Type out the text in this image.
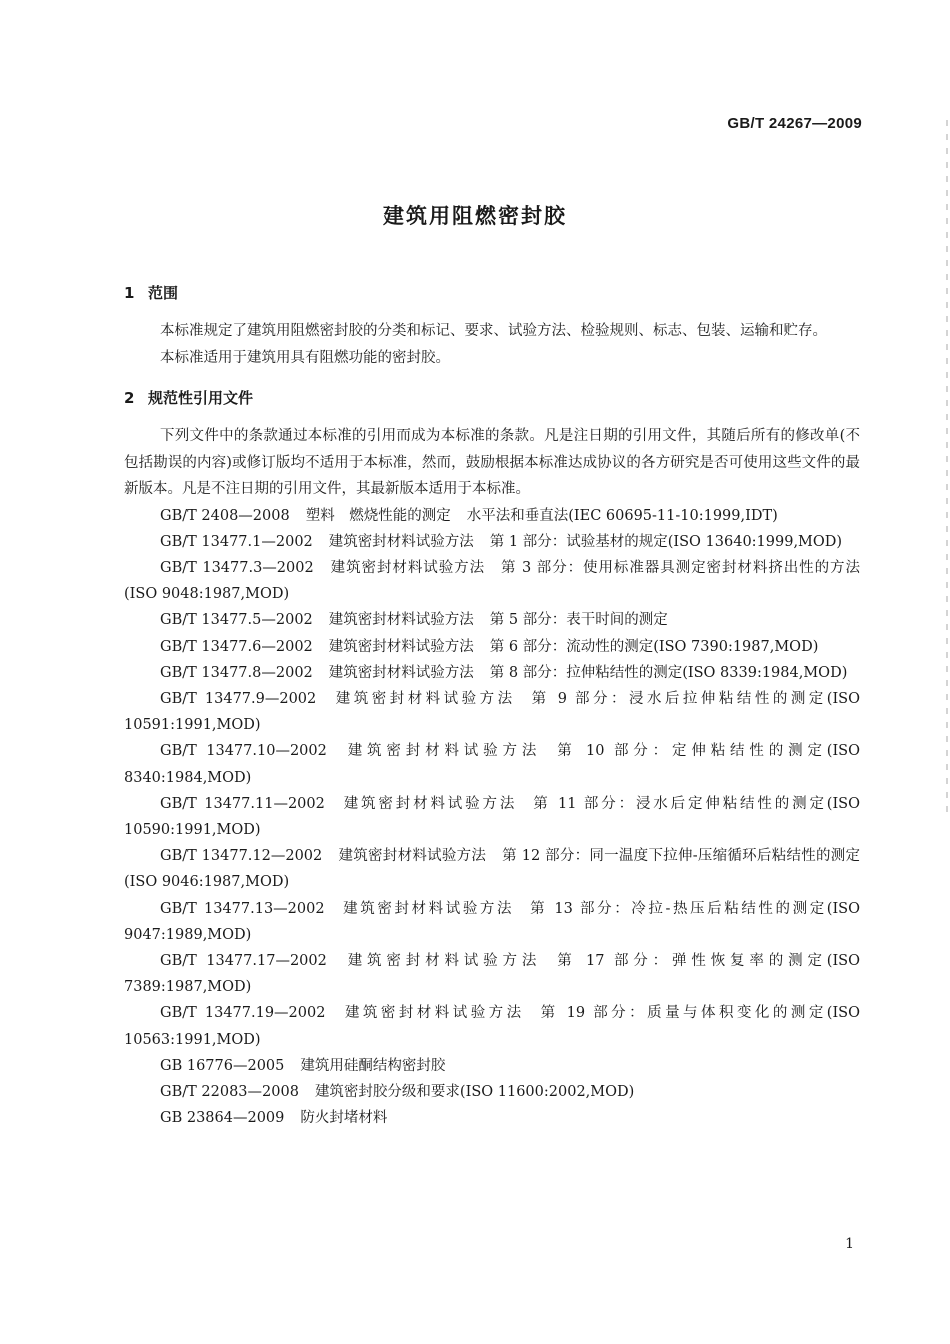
GB/T 24267—2009
建筑用阻燃密封胶
1 范围

本标准规定了建筑用阻燃密封胶的分类和标记、要求、试验方法、检验规则、标志、包装、运输和贮存。

本标准适用于建筑用具有阻燃功能的密封胶。

2 规范性引用文件

下列文件中的条款通过本标准的引用而成为本标准的条款。凡是注日期的引用文件，其随后所有的修改单(不包括勘误的内容)或修订版均不适用于本标准，然而，鼓励根据本标准达成协议的各方研究是否可使用这些文件的最新版本。凡是不注日期的引用文件，其最新版本适用于本标准。

GB/T 2408—2008 塑料　燃烧性能的测定 水平法和垂直法(IEC 60695-11-10:1999,IDT)
GB/T 13477.1—2002 建筑密封材料试验方法 第 1 部分：试验基材的规定(ISO 13640:1999,MOD)
GB/T 13477.3—2002 建筑密封材料试验方法 第 3 部分：使用标准器具测定密封材料挤出性的方法(ISO 9048:1987,MOD)
GB/T 13477.5—2002 建筑密封材料试验方法 第 5 部分：表干时间的测定
GB/T 13477.6—2002 建筑密封材料试验方法 第 6 部分：流动性的测定(ISO 7390:1987,MOD)
GB/T 13477.8—2002 建筑密封材料试验方法 第 8 部分：拉伸粘结性的测定(ISO 8339:1984,MOD)
GB/T 13477.9—2002 建筑密封材料试验方法 第 9 部分：浸水后拉伸粘结性的测定(ISO 10591:1991,MOD)
GB/T 13477.10—2002 建筑密封材料试验方法 第 10 部分：定伸粘结性的测定(ISO 8340:1984,MOD)
GB/T 13477.11—2002 建筑密封材料试验方法 第 11 部分：浸水后定伸粘结性的测定(ISO 10590:1991,MOD)
GB/T 13477.12—2002 建筑密封材料试验方法 第 12 部分：同一温度下拉伸-压缩循环后粘结性的测定(ISO 9046:1987,MOD)
GB/T 13477.13—2002 建筑密封材料试验方法 第 13 部分：冷拉-热压后粘结性的测定(ISO 9047:1989,MOD)
GB/T 13477.17—2002 建筑密封材料试验方法 第 17 部分：弹性恢复率的测定(ISO 7389:1987,MOD)
GB/T 13477.19—2002 建筑密封材料试验方法 第 19 部分：质量与体积变化的测定(ISO 10563:1991,MOD)
GB 16776—2005 建筑用硅酮结构密封胶
GB/T 22083—2008 建筑密封胶分级和要求(ISO 11600:2002,MOD)
GB 23864—2009 防火封堵材料
1
